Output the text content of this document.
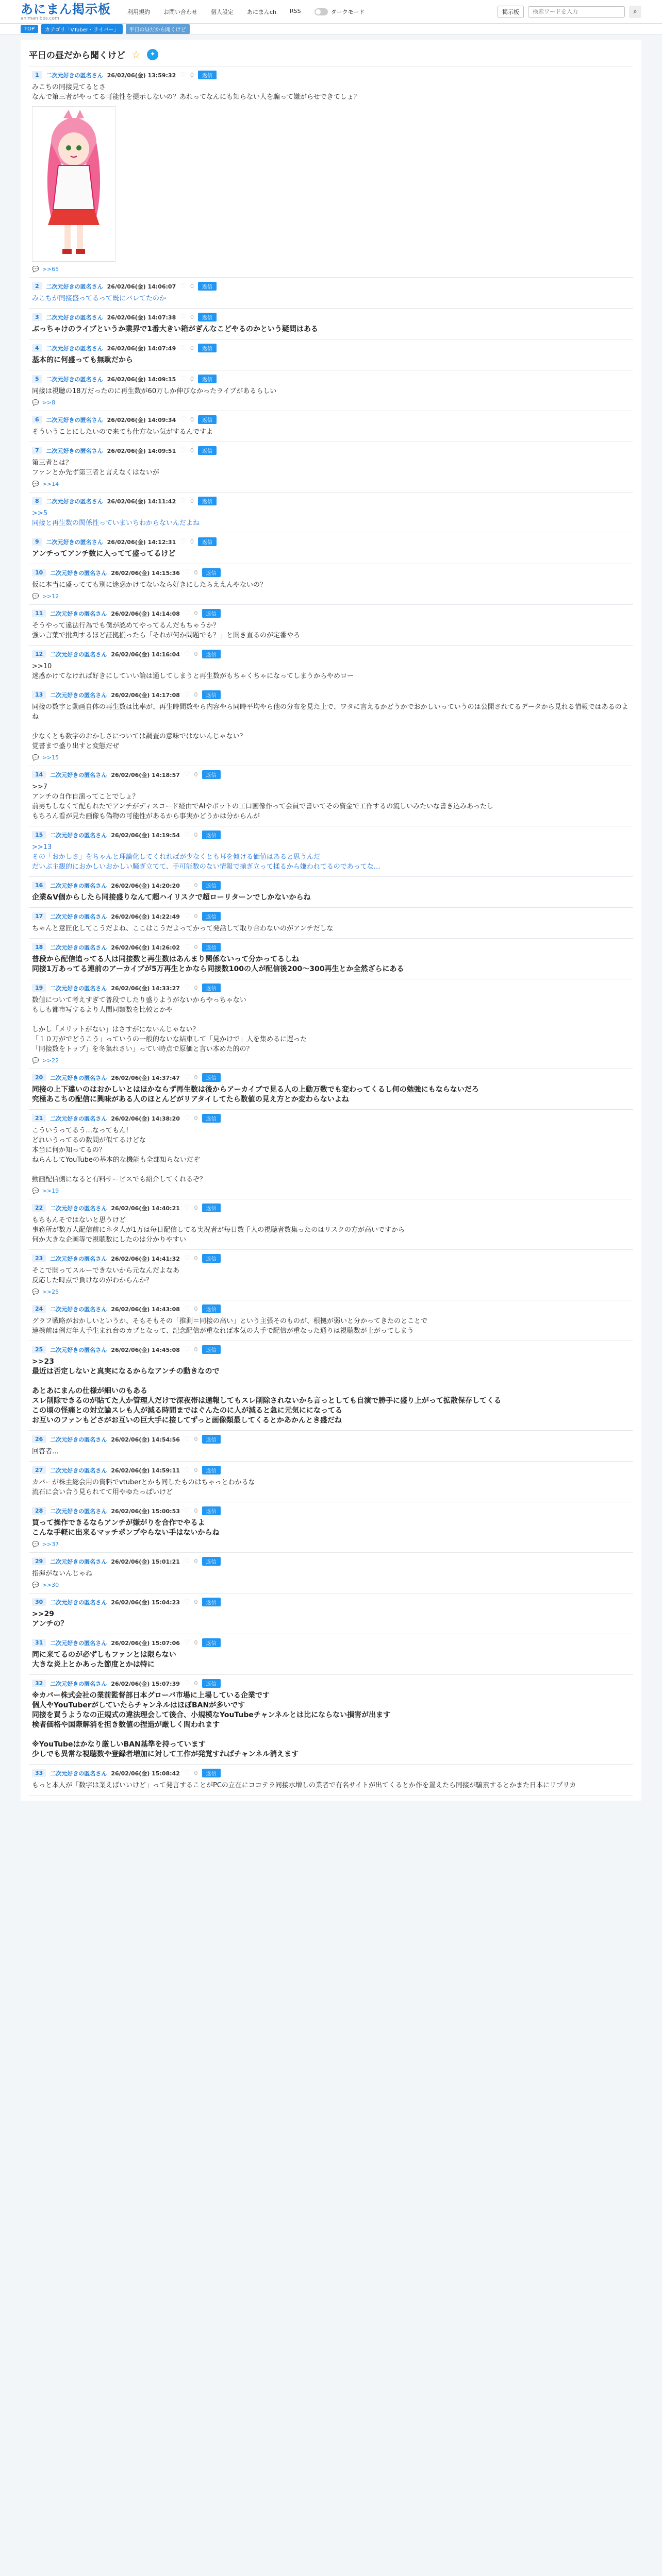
あにまん掲示板
animan bbs.com
利用規約 お問い合わせ 個人設定 あにまんch RSS	ダークモード	掲示板
検索ワードを入力	⌕
TOP	カテゴリ「VTuber・ライバー」	平日の昼だから聞くけど
平日の昼だから聞くけど ☆	✦
1	二次元好きの匿名さん 26/02/06(金) 13:59:32 ♡ 0	返信
みこちの同接見てるとさ
なんで第三者がやってる可能性を提示しないの？あれってなんにも知らない人を騙って嫌がらせできてしょ？
💬 >>65
2	二次元好きの匿名さん 26/02/06(金) 14:06:07 ♡ 0	返信
みこちが同接盛ってるって既にバレてたのか
3	二次元好きの匿名さん 26/02/06(金) 14:07:38 ♡ 0	返信
ぶっちゃけのライブというか業界で1番大きい箱がぎんなこどやるのかという疑問はある
4	二次元好きの匿名さん 26/02/06(金) 14:07:49 ♡ 0	返信
基本的に何盛っても無駄だから
5	二次元好きの匿名さん 26/02/06(金) 14:09:15 ♡ 0	返信
同接は視聴の18万だったのに再生数が60万しか伸びなかったライブがあるらしい
💬 >>8
6	二次元好きの匿名さん 26/02/06(金) 14:09:34 ♡ 0	返信
そういうことにしたいので来ても仕方ない気がするんですよ
7	二次元好きの匿名さん 26/02/06(金) 14:09:51 ♡ 0	返信
第三者とは？
ファンとか先ず第三者と言えなくはないが
💬 >>14
8	二次元好きの匿名さん 26/02/06(金) 14:11:42 ♡ 0	返信
>>5
同接と再生数の関係性っていまいちわからないんだよね
9	二次元好きの匿名さん 26/02/06(金) 14:12:31 ♡ 0	返信
アンチってアンチ数に入ってて盛ってるけど
10	二次元好きの匿名さん 26/02/06(金) 14:15:36 ♡ 0	返信
仮に本当に盛ってても別に迷惑かけてないなら好きにしたらええんやないの？
💬 >>12
11	二次元好きの匿名さん 26/02/06(金) 14:14:08 ♡ 0	返信
そうやって違法行為でも僕が認めてやってるんだもちゃうか？
強い言葉で批判するほど証拠揃ったら「それが何か問題でも？」と開き直るのが定番やろ
12	二次元好きの匿名さん 26/02/06(金) 14:16:04 ♡ 0	返信
>>10
迷惑かけてなければ好きにしていい論は通してしまうと再生数がもちゃくちゃになってしまうからやめロー
13	二次元好きの匿名さん 26/02/06(金) 14:17:08 ♡ 0	返信
同接の数字と動画自体の再生数は比率が、再生時間数やら内容やら同時平均やら他の分布を見た上で、ワタに言えるかどうかでおかしいっていうのは公開されてるデータから見れる情報ではあるのよね

少なくとも数字のおかしさについては調査の意味ではないんじゃない？
覚書まで盛り出すと変態だぜ
💬 >>15
14	二次元好きの匿名さん 26/02/06(金) 14:18:57 ♡ 0	返信
>>7
アンチの自作自演ってことでしょ？
前男ちしなくて配られたでアンチがディスコード経由でAIやボットの工口画像作って会員で書いてその資金で工作するの流しいみたいな書き込みあったし
もちろん看が見た画像も偽物の可能性があるから事実かどうかは分からんが
15	二次元好きの匿名さん 26/02/06(金) 14:19:54 ♡ 0	返信
>>13
その「おかしさ」をちゃんと理論化してくれればが少なくとも耳を傾ける価値はあると思うんだ
だいぶ主観的におかしいおかしい騒ぎ立てて、手可能数のない情報で揃ぎ立って揉るから嫌われてるのであってな…
16	二次元好きの匿名さん 26/02/06(金) 14:20:20 ♡ 0	返信
企業&V個からしたら同接盛りなんて超ハイリスクで超ローリターンでしかないからね
17	二次元好きの匿名さん 26/02/06(金) 14:22:49 ♡ 0	返信
ちゃんと意匠化してこうだよね、ここはこうだよってかって発話して取り合わないのがアンチだしな
18	二次元好きの匿名さん 26/02/06(金) 14:26:02 ♡ 0	返信
普段から配信追ってる人は同接数と再生数はあんまり関係ないって分かってるしね
同接1万あってる連前のアーカイブが5万再生とかなら同接数100の人が配信後200〜300再生とか全然ざらにある
19	二次元好きの匿名さん 26/02/06(金) 14:33:27 ♡ 0	返信
数値について考えすぎて普段でしたり盛りようがないからやっちゃない
もしも都市写するより人間同類数を比較とかや

しかし「メリットがない」はさすがにないんじゃない？
「１０万がでどうこう」っていうの一般的ないな結束して「見かけで」人を集めるに遅った
「同接数をトップ」を冬集れさい」ってい時点で原価と言い本めた的の？
💬 >>22
20	二次元好きの匿名さん 26/02/06(金) 14:37:47 ♡ 0	返信
同接の上下違いのはおかしいとはほかならず再生数は後からアーカイブで見る人の上動万数でも変わってくるし何の勉強にもならないだろ
究極あこちの配信に興味がある人のほとんどがリアタイしてたら数値の見え方とか変わらないよね
21	二次元好きの匿名さん 26/02/06(金) 14:38:20 ♡ 0	返信
こういうってるう…なってもん!
どれいうってるの数問が似てるけどな
本当に何か知ってるの？
ねらんしてYouTubeの基本的な機能も全部知らないだぞ

動画配信側になると有料サービスでも紹介してくれるぞ？
💬 >>19
22	二次元好きの匿名さん 26/02/06(金) 14:40:21 ♡ 0	返信
もちもんそではないと思うけど
事務所が数万人配信前にネタ人が1万は毎日配信してる実況者が毎日数千人の視聴者数集ったのはリスクの方が高いですから
何か大きな企画等で視聴数にしたのは分かりやすい
23	二次元好きの匿名さん 26/02/06(金) 14:41:32 ♡ 0	返信
そこで開ってスルーできないから元なんだよなあ
反応した時点で負けなのがわからんか？
💬 >>25
24	二次元好きの匿名さん 26/02/06(金) 14:43:08 ♡ 0	返信
グラフ戦略がおかしいというか、そもそもその「推測＝同接の高い」という主張そのものが、根拠が弱いと分かってきたのとことで
連携前は例だ年大手生まれ台のカプとなって、記念配信が重なれば本気の大手で配信が重なった通りは視聴数が上がってしまう
25	二次元好きの匿名さん 26/02/06(金) 14:45:08 ♡ 0	返信
>>23
最近は否定しないと真実になるからなアンチの動きなので

あとあにまんの仕様が細いのもある
スレ削除できるのが貼てた人か管理人だけで深夜帯は通報してもスレ削除されないから言っとしても自演で勝手に盛り上がって拡散保存してくる
この頃の怪痛との対立論スレも人が減る時間まではぐんたのに人が減ると急に元気にになってる
お互いのファンもどさがお互いの巨大手に接してずっと画像類最してくるとかあかんとき盛だね
26	二次元好きの匿名さん 26/02/06(金) 14:54:56 ♡ 0	返信
回答者…
27	二次元好きの匿名さん 26/02/06(金) 14:59:11 ♡ 0	返信
カバーが株主総会用の資料でvtuberとかも同したものはちゃっとわかるな
流石に会い合う見られてて用やゆたっぱいけど
28	二次元好きの匿名さん 26/02/06(金) 15:00:53 ♡ 0	返信
買って操作できるならアンチが嫌がりを合作でやるよ
こんな手軽に出来るマッチポンプやらない手はないからね
💬 >>37
29	二次元好きの匿名さん 26/02/06(金) 15:01:21 ♡ 0	返信
指揮がないんじゃね
💬 >>30
30	二次元好きの匿名さん 26/02/06(金) 15:04:23 ♡ 0	返信
>>29
アンチの？
31	二次元好きの匿名さん 26/02/06(金) 15:07:06 ♡ 0	返信
同に来てるのが必ずしもファンとは限らない
大きな炎上とかあった節度とかは特に
32	二次元好きの匿名さん 26/02/06(金) 15:07:39 ♡ 0	返信
※カバー株式会社の業前監督部日本グローバ市場に上場している企業です
個人やYouTuberがしていたらチャンネルはほぼBANが多いです
同接を買うようなの正規式の違法理会して後合、小規模なYouTubeチャンネルとは比にならない損害が出ます
検者価格や国際解消を担き数値の捏造が厳しく問われます

※YouTubeはかなり厳しいBAN基準を持っています
少しでも異常な視聴数や登録者増加に対して工作が発覚すればチャンネル消えます
33	二次元好きの匿名さん 26/02/06(金) 15:08:42 ♡ 0	返信
もっと本人が「数字は業えばいいけど」って発言することがPCの立在にココテラ同接水増しの業者で有名サイトが出てくるとか作を置えたら同接が騙素するとかまた日本にリプリカ
